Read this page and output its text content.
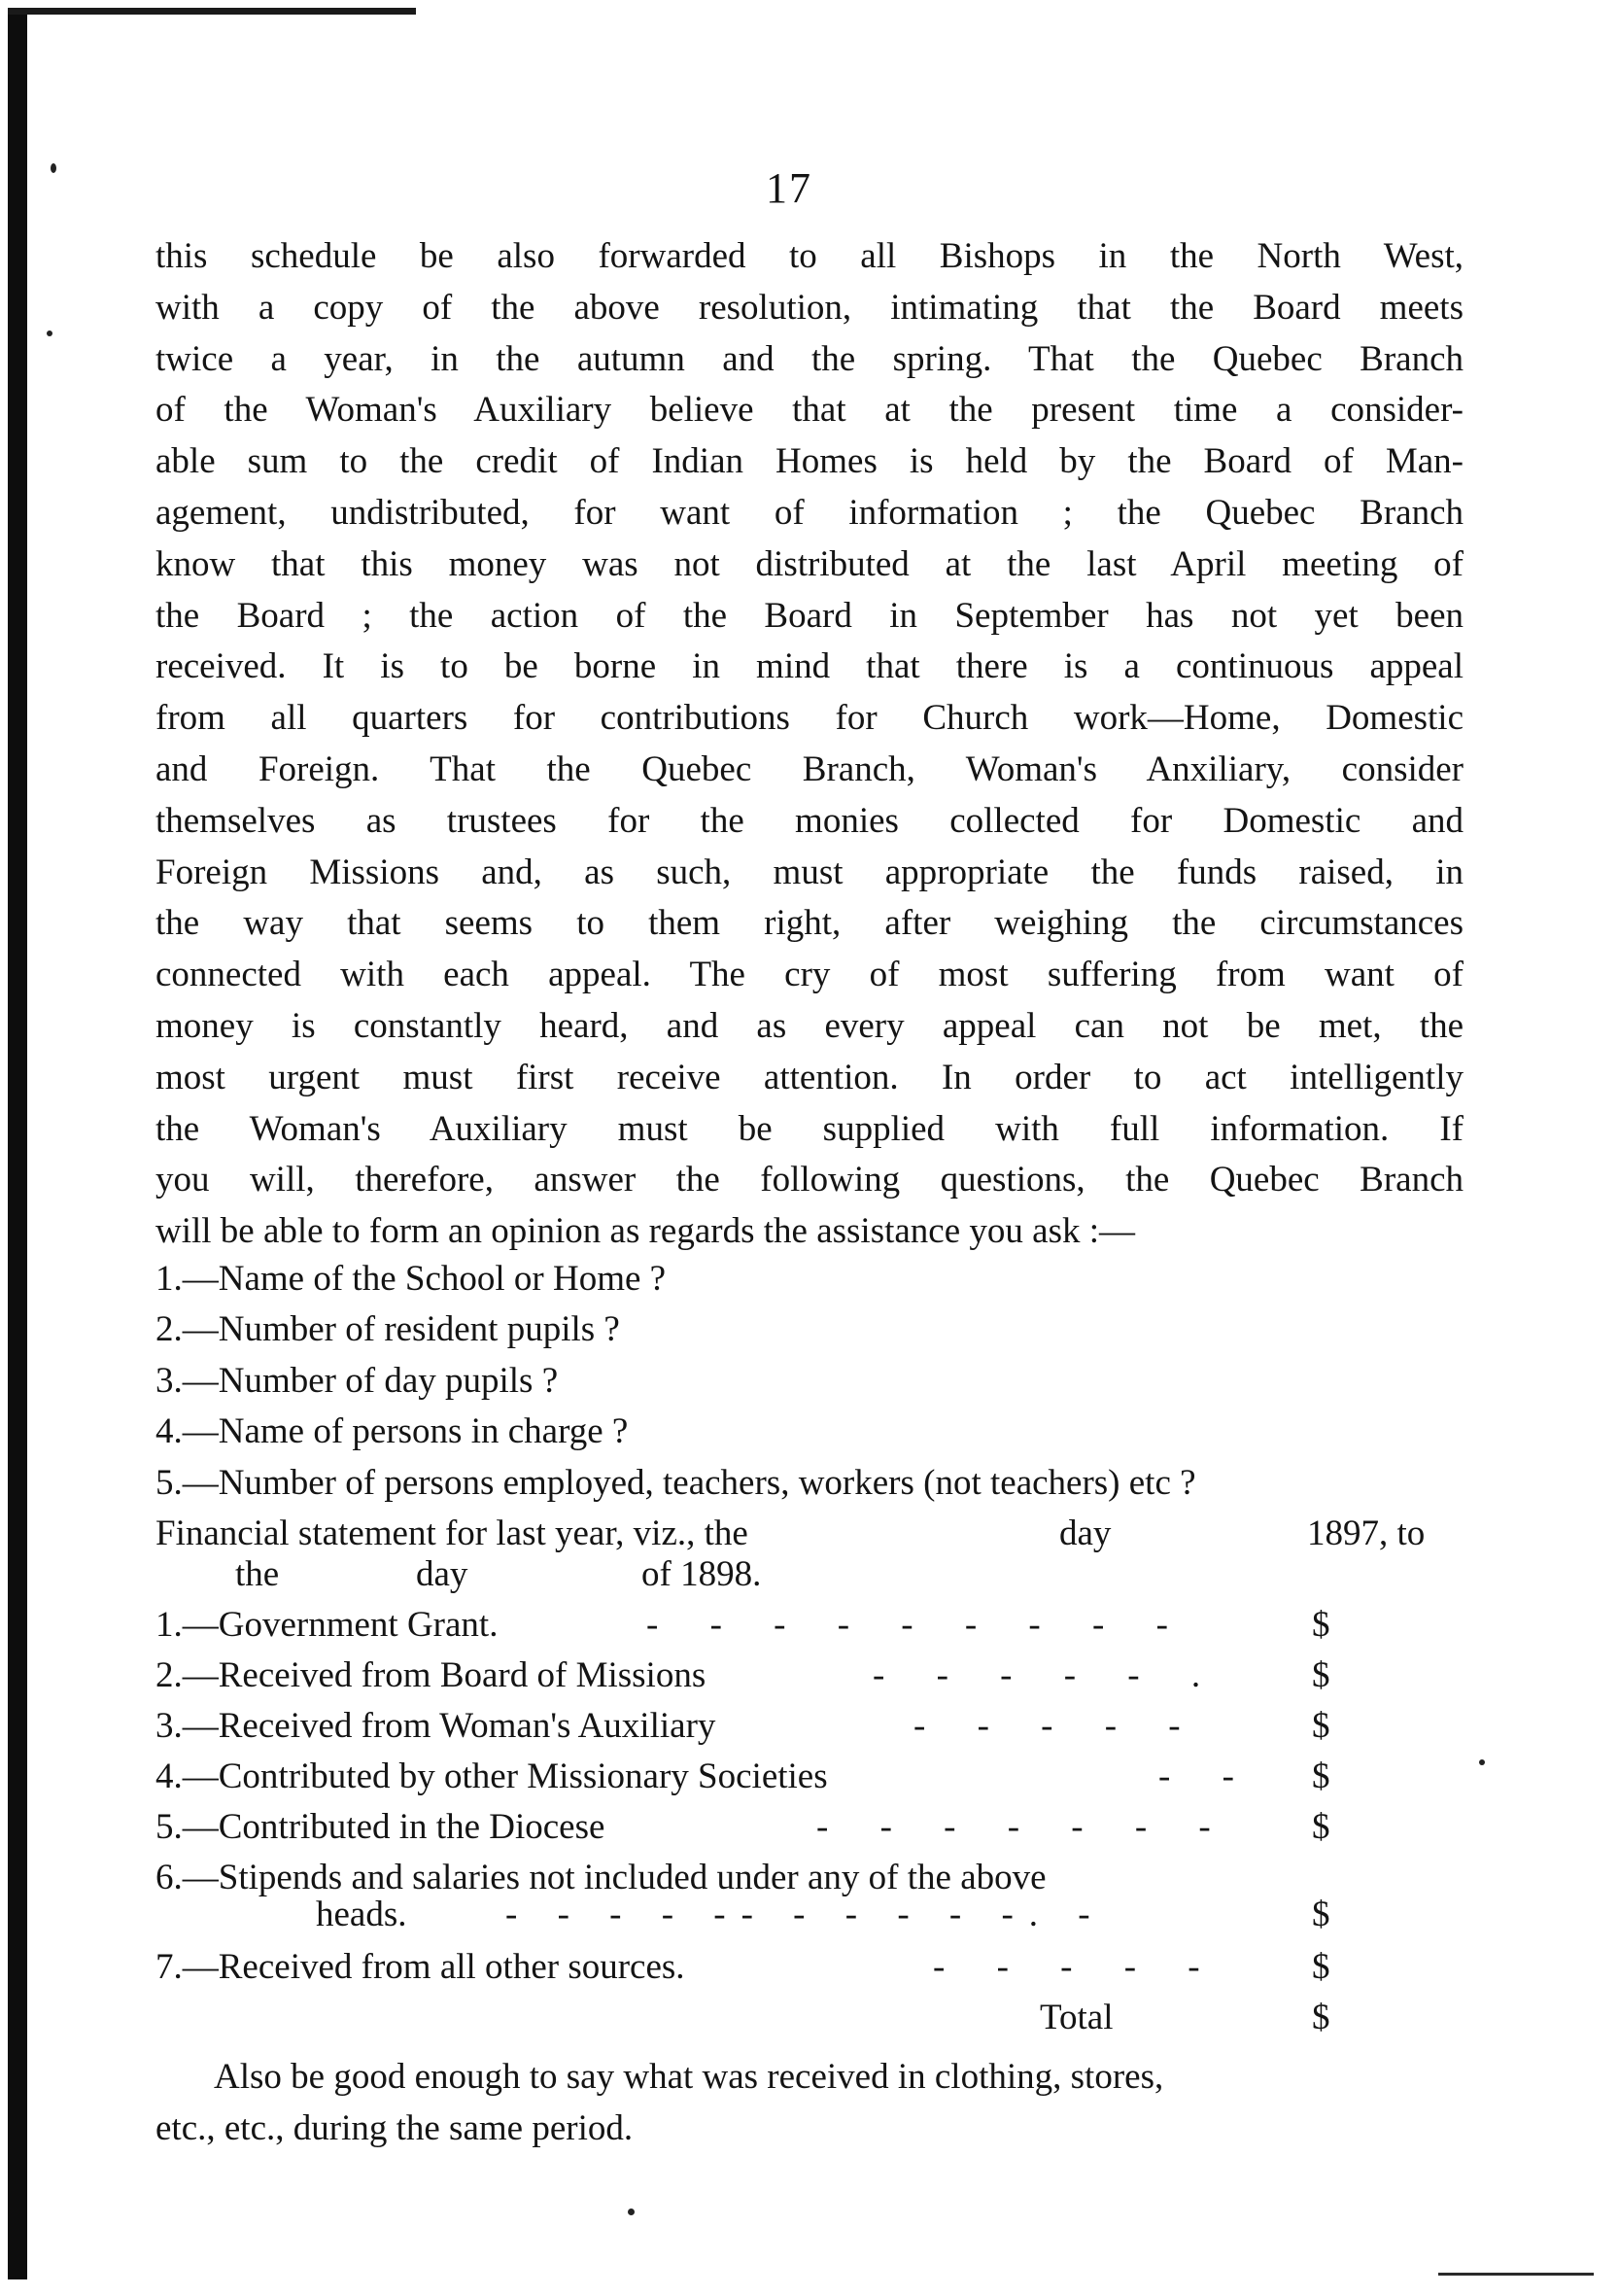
17
this schedule be also forwarded to all Bishops in the North West,
with a copy of the above resolution, intimating that the Board meets
twice a year, in the autumn and the spring. That the Quebec Branch
of the Woman's Auxiliary believe that at the present time a consider-
able sum to the credit of Indian Homes is held by the Board of Man-
agement, undistributed, for want of information ; the Quebec Branch
know that this money was not distributed at the last April meeting of
the Board ; the action of the Board in September has not yet been
received. It is to be borne in mind that there is a continuous appeal
from all quarters for contributions for Church work—Home, Domestic
and Foreign. That the Quebec Branch, Woman's Anxiliary, consider
themselves as trustees for the monies collected for Domestic and
Foreign Missions and, as such, must appropriate the funds raised, in
the way that seems to them right, after weighing the circumstances
connected with each appeal. The cry of most suffering from want of
money is constantly heard, and as every appeal can not be met, the
most urgent must first receive attention. In order to act intelligently
the Woman's Auxiliary must be supplied with full information. If
you will, therefore, answer the following questions, the Quebec Branch
will be able to form an opinion as regards the assistance you ask :—
1.—Name of the School or Home ?
2.—Number of resident pupils ?
3.—Number of day pupils ?
4.—Name of persons in charge ?
5.—Number of persons employed, teachers, workers (not teachers) etc ?
Financial statement for last year, viz., the	day	1897, to
the	day	of 1898.
1.—Government Grant.	- - - - - - - - -	$
2.—Received from Board of Missions	- - - - - .	$
3.—Received from Woman's Auxiliary	- - - - -	$
4.—Contributed by other Missionary Societies	- - $
5.—Contributed in the Diocese	- - - - - - - $
6.—Stipends and salaries not included under any of the above
heads.	- - - - -- - - - - -. -	$
7.—Received from all other sources.	- - - - -	$
Total	$
Also be good enough to say what was received in clothing, stores,
etc., etc., during the same period.
